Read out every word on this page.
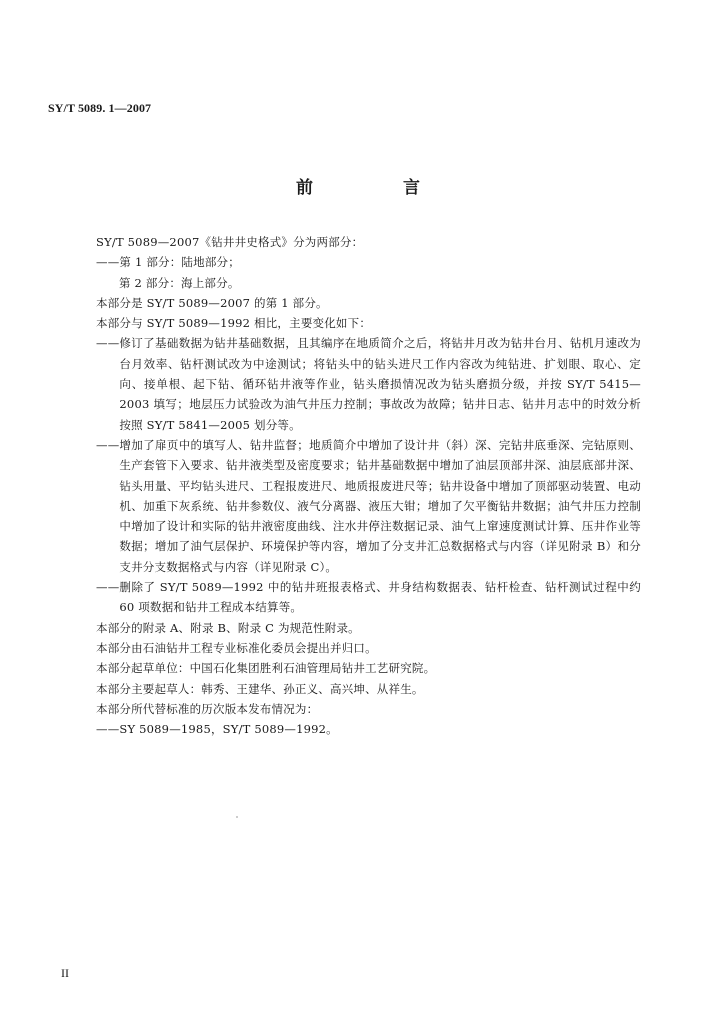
SY/T 5089. 1—2007
前 言

SY/T 5089—2007《钻井井史格式》分为两部分：

——第 1 部分：陆地部分；

第 2 部分：海上部分。

本部分是 SY/T 5089—2007 的第 1 部分。

本部分与 SY/T 5089—1992 相比，主要变化如下：

—— 修订了基础数据为钻井基础数据，且其编序在地质简介之后，将钻井月改为钻井台月、钻机月速改为台月效率、钻杆测试改为中途测试；将钻头中的钻头进尺工作内容改为纯钻进、扩划眼、取心、定向、接单根、起下钻、循环钻井液等作业，钻头磨损情况改为钻头磨损分级，并按 SY/T 5415—2003 填写；地层压力试验改为油气井压力控制；事故改为故障；钻井日志、钻井月志中的时效分析按照 SY/T 5841—2005 划分等。

—— 增加了扉页中的填写人、钻井监督；地质简介中增加了设计井（斜）深、完钻井底垂深、完钻原则、生产套管下入要求、钻井液类型及密度要求；钻井基础数据中增加了油层顶部井深、油层底部井深、钻头用量、平均钻头进尺、工程报废进尺、地质报废进尺等；钻井设备中增加了顶部驱动装置、电动机、加重下灰系统、钻井参数仪、液气分离器、液压大钳；增加了欠平衡钻井数据；油气井压力控制中增加了设计和实际的钻井液密度曲线、注水井停注数据记录、油气上窜速度测试计算、压井作业等数据；增加了油气层保护、环境保护等内容，增加了分支井汇总数据格式与内容（详见附录 B）和分支井分支数据格式与内容（详见附录 C）。

—— 删除了 SY/T 5089—1992 中的钻井班报表格式、井身结构数据表、钻杆检查、钻杆测试过程中约 60 项数据和钻井工程成本结算等。

本部分的附录 A、附录 B、附录 C 为规范性附录。

本部分由石油钻井工程专业标准化委员会提出并归口。

本部分起草单位：中国石化集团胜利石油管理局钻井工艺研究院。

本部分主要起草人：韩秀、王建华、孙正义、高兴坤、从祥生。

本部分所代替标准的历次版本发布情况为：

——SY 5089—1985，SY/T 5089—1992。

II
